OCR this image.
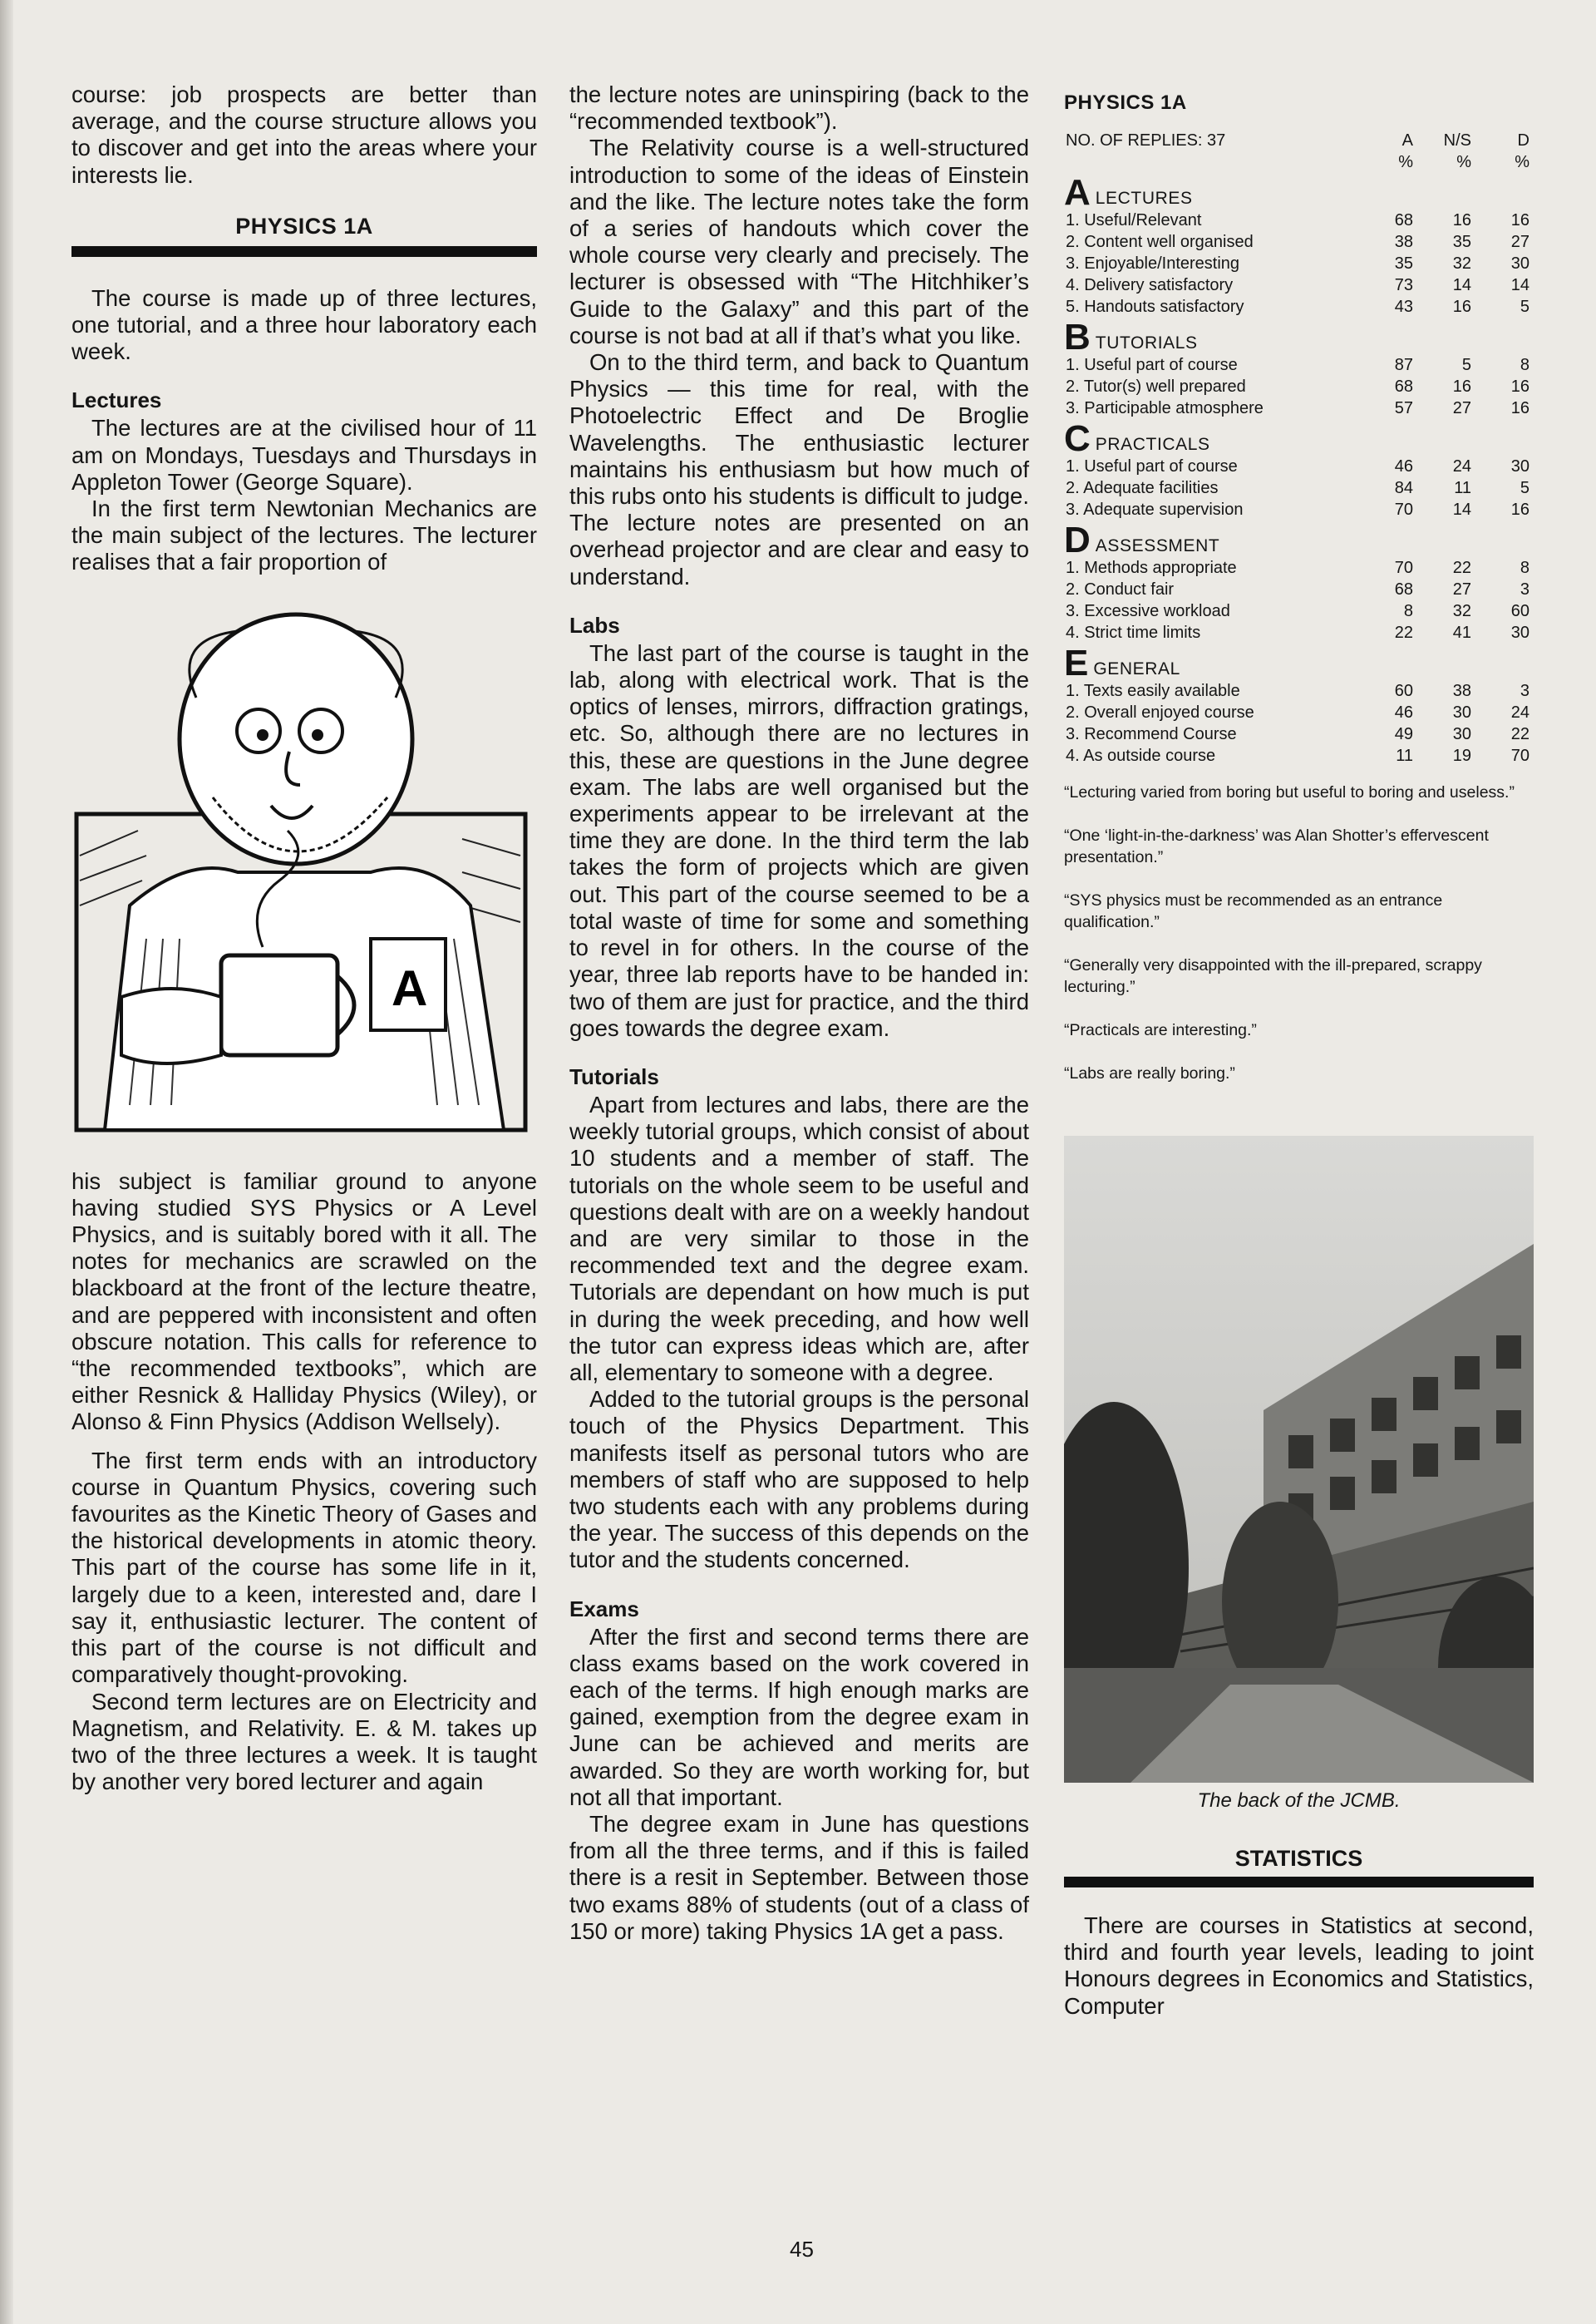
course: job prospects are better than average, and the course structure allows you to discover and get into the areas where your interests lie.

PHYSICS 1A

The course is made up of three lectures, one tutorial, and a three hour laboratory each week.

Lectures

The lectures are at the civilised hour of 11 am on Mondays, Tuesdays and Thursdays in Appleton Tower (George Square).

In the first term Newtonian Mechanics are the main subject of the lectures. The lecturer realises that a fair proportion of

A

his subject is familiar ground to anyone having studied SYS Physics or A Level Physics, and is suitably bored with it all. The notes for mechanics are scrawled on the blackboard at the front of the lecture theatre, and are peppered with inconsistent and often obscure notation. This calls for reference to “the recommended textbooks”, which are either Resnick & Halliday Physics (Wiley), or Alonso & Finn Physics (Addison Wellsely).

The first term ends with an introductory course in Quantum Physics, covering such favourites as the Kinetic Theory of Gases and the historical developments in atomic theory. This part of the course has some life in it, largely due to a keen, interested and, dare I say it, enthusiastic lecturer. The content of this part of the course is not difficult and comparatively thought-provoking.

Second term lectures are on Electricity and Magnetism, and Relativity. E. & M. takes up two of the three lectures a week. It is taught by another very bored lecturer and again

the lecture notes are uninspiring (back to the “recommended textbook”).

The Relativity course is a well-structured introduction to some of the ideas of Einstein and the like. The lecture notes take the form of a series of handouts which cover the whole course very clearly and precisely. The lecturer is obsessed with “The Hitchhiker’s Guide to the Galaxy” and this part of the course is not bad at all if that’s what you like.

On to the third term, and back to Quantum Physics — this time for real, with the Photoelectric Effect and De Broglie Wavelengths. The enthusiastic lecturer maintains his enthusiasm but how much of this rubs onto his students is difficult to judge. The lecture notes are presented on an overhead projector and are clear and easy to understand.

Labs

The last part of the course is taught in the lab, along with electrical work. That is the optics of lenses, mirrors, diffraction gratings, etc. So, although there are no lectures in this, these are questions in the June degree exam. The labs are well organised but the experiments appear to be irrelevant at the time they are done. In the third term the lab takes the form of projects which are given out. This part of the course seemed to be a total waste of time for some and something to revel in for others. In the course of the year, three lab reports have to be handed in: two of them are just for practice, and the third goes towards the degree exam.

Tutorials

Apart from lectures and labs, there are the weekly tutorial groups, which consist of about 10 students and a member of staff. The tutorials on the whole seem to be useful and questions dealt with are on a weekly handout and are very similar to those in the recommended text and the degree exam. Tutorials are dependant on how much is put in during the week preceding, and how well the tutor can express ideas which are, after all, elementary to someone with a degree.

Added to the tutorial groups is the personal touch of the Physics Department. This manifests itself as personal tutors who are members of staff who are supposed to help two students each with any problems during the year. The success of this depends on the tutor and the students concerned.

Exams

After the first and second terms there are class exams based on the work covered in each of the terms. If high enough marks are gained, exemption from the degree exam in June can be achieved and merits are awarded. So they are worth working for, but not all that important.

The degree exam in June has questions from all the three terms, and if this is failed there is a resit in September. Between those two exams 88% of students (out of a class of 150 or more) taking Physics 1A get a pass.

PHYSICS 1A
NO. OF REPLIES: 37	A	N/S	D
	%	%	%
A LECTURES			
1. Useful/Relevant	68	16	16
2. Content well organised	38	35	27
3. Enjoyable/Interesting	35	32	30
4. Delivery satisfactory	73	14	14
5. Handouts satisfactory	43	16	5
B TUTORIALS			
1. Useful part of course	87	5	8
2. Tutor(s) well prepared	68	16	16
3. Participable atmosphere	57	27	16
C PRACTICALS			
1. Useful part of course	46	24	30
2. Adequate facilities	84	11	5
3. Adequate supervision	70	14	16
D ASSESSMENT			
1. Methods appropriate	70	22	8
2. Conduct fair	68	27	3
3. Excessive workload	8	32	60
4. Strict time limits	22	41	30
E GENERAL			
1. Texts easily available	60	38	3
2. Overall enjoyed course	46	30	24
3. Recommend Course	49	30	22
4. As outside course	11	19	70

“Lecturing varied from boring but useful to boring and useless.”

“One ‘light-in-the-darkness’ was Alan Shotter’s effervescent presentation.”

“SYS physics must be recommended as an entrance qualification.”

“Generally very disappointed with the ill-prepared, scrappy lecturing.”

“Practicals are interesting.”

“Labs are really boring.”

The back of the JCMB.
STATISTICS

There are courses in Statistics at second, third and fourth year levels, leading to joint Honours degrees in Economics and Statistics, Computer

45
